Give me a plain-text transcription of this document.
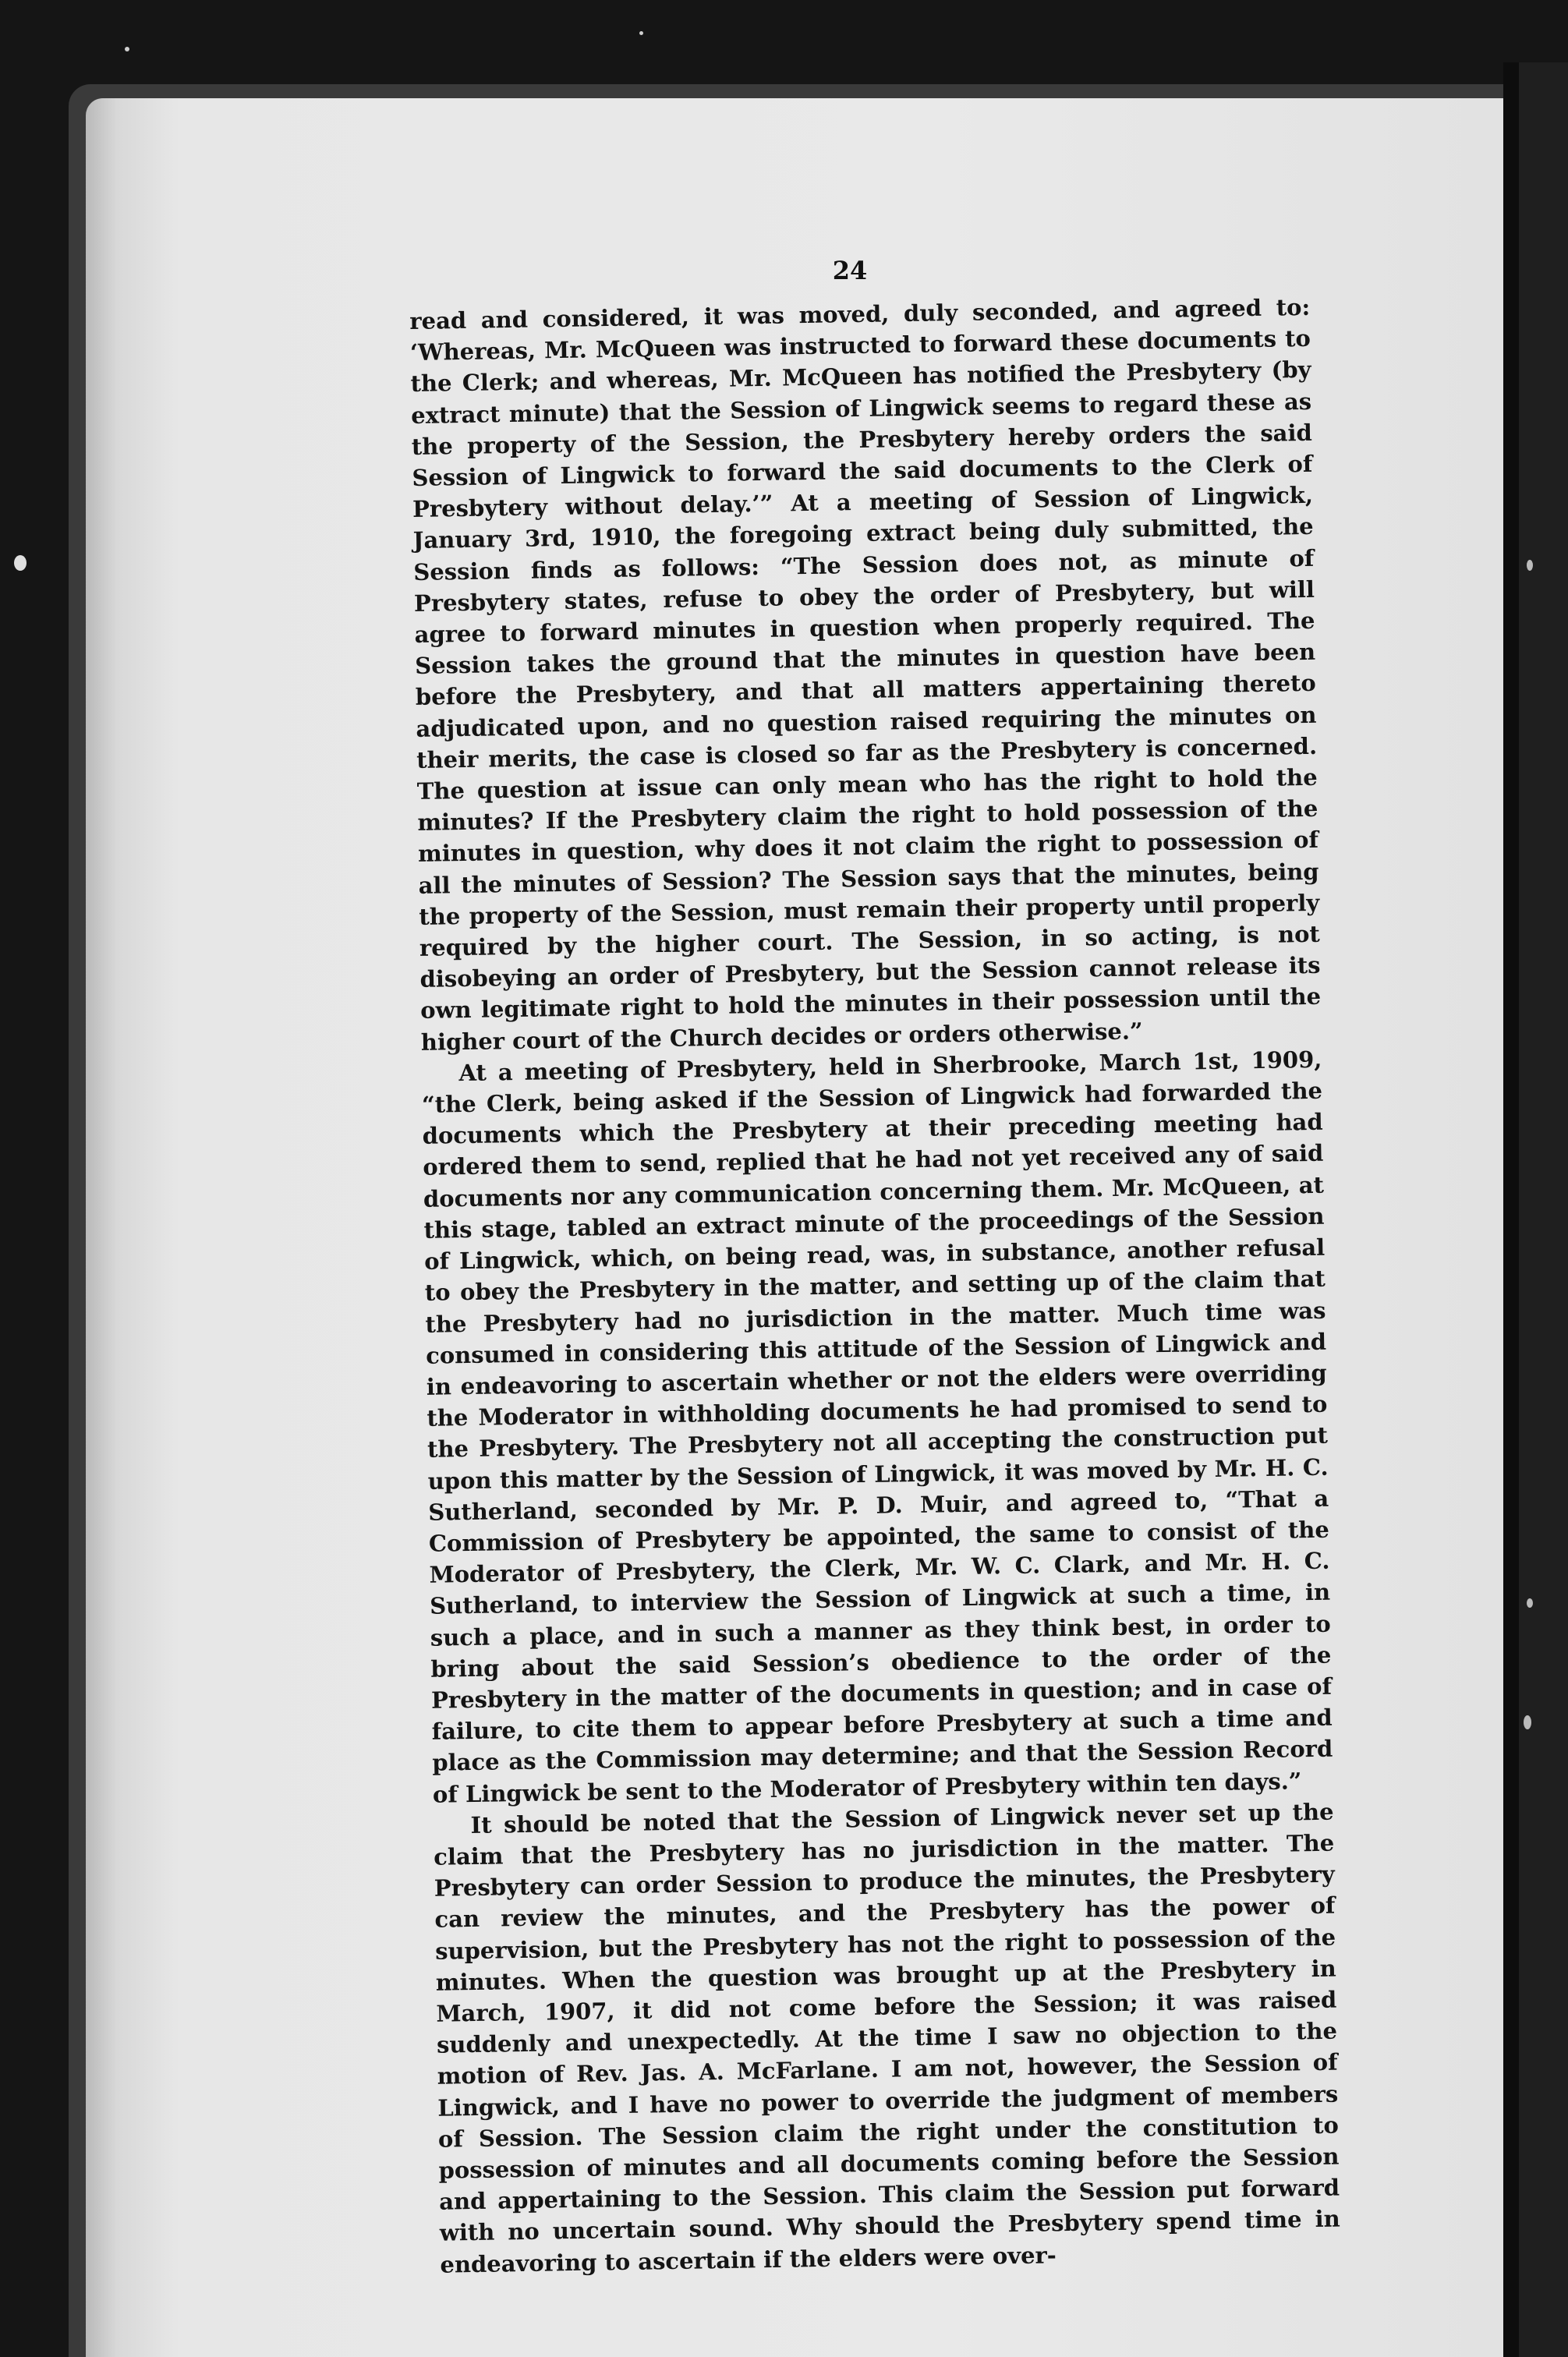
24

read and considered, it was moved, duly seconded, and agreed to: ‘Whereas, Mr. McQueen was instructed to forward these documents to the Clerk; and whereas, Mr. McQueen has notified the Presbytery (by extract minute) that the Session of Lingwick seems to regard these as the property of the Session, the Presbytery hereby orders the said Session of Lingwick to forward the said documents to the Clerk of Presbytery without delay.’” At a meeting of Session of Lingwick, January 3rd, 1910, the foregoing extract being duly submitted, the Session finds as follows: “The Session does not, as minute of Presbytery states, refuse to obey the order of Presbytery, but will agree to forward minutes in question when properly required. The Session takes the ground that the minutes in question have been before the Presbytery, and that all matters appertaining thereto adjudicated upon, and no question raised requiring the minutes on their merits, the case is closed so far as the Presbytery is concerned. The question at issue can only mean who has the right to hold the minutes? If the Presbytery claim the right to hold possession of the minutes in question, why does it not claim the right to possession of all the minutes of Session? The Session says that the minutes, being the property of the Session, must remain their property until properly required by the higher court. The Session, in so acting, is not disobeying an order of Presbytery, but the Session cannot release its own legitimate right to hold the minutes in their possession until the higher court of the Church decides or orders otherwise.”

At a meeting of Presbytery, held in Sherbrooke, March 1st, 1909, “the Clerk, being asked if the Session of Lingwick had forwarded the documents which the Presbytery at their preceding meeting had ordered them to send, replied that he had not yet received any of said documents nor any communication concerning them. Mr. McQueen, at this stage, tabled an extract minute of the proceedings of the Session of Lingwick, which, on being read, was, in substance, another refusal to obey the Presbytery in the matter, and setting up of the claim that the Presbytery had no jurisdiction in the matter. Much time was consumed in considering this attitude of the Session of Lingwick and in endeavoring to ascertain whether or not the elders were overriding the Moderator in withholding documents he had promised to send to the Presbytery. The Presbytery not all accepting the construction put upon this matter by the Session of Lingwick, it was moved by Mr. H. C. Sutherland, seconded by Mr. P. D. Muir, and agreed to, “That a Commission of Presbytery be appointed, the same to consist of the Moderator of Presbytery, the Clerk, Mr. W. C. Clark, and Mr. H. C. Sutherland, to interview the Session of Lingwick at such a time, in such a place, and in such a manner as they think best, in order to bring about the said Session’s obedience to the order of the Presbytery in the matter of the documents in question; and in case of failure, to cite them to appear before Presbytery at such a time and place as the Commission may determine; and that the Session Record of Lingwick be sent to the Moderator of Presbytery within ten days.”

It should be noted that the Session of Lingwick never set up the claim that the Presbytery has no jurisdiction in the matter. The Presbytery can order Session to produce the minutes, the Presbytery can review the minutes, and the Presbytery has the power of supervision, but the Presbytery has not the right to possession of the minutes. When the question was brought up at the Presbytery in March, 1907, it did not come before the Session; it was raised suddenly and unexpectedly. At the time I saw no objection to the motion of Rev. Jas. A. McFarlane. I am not, however, the Session of Lingwick, and I have no power to override the judgment of members of Session. The Session claim the right under the constitution to possession of minutes and all documents coming before the Session and appertaining to the Session. This claim the Session put forward with no uncertain sound. Why should the Presbytery spend time in endeavoring to ascertain if the elders were over-
